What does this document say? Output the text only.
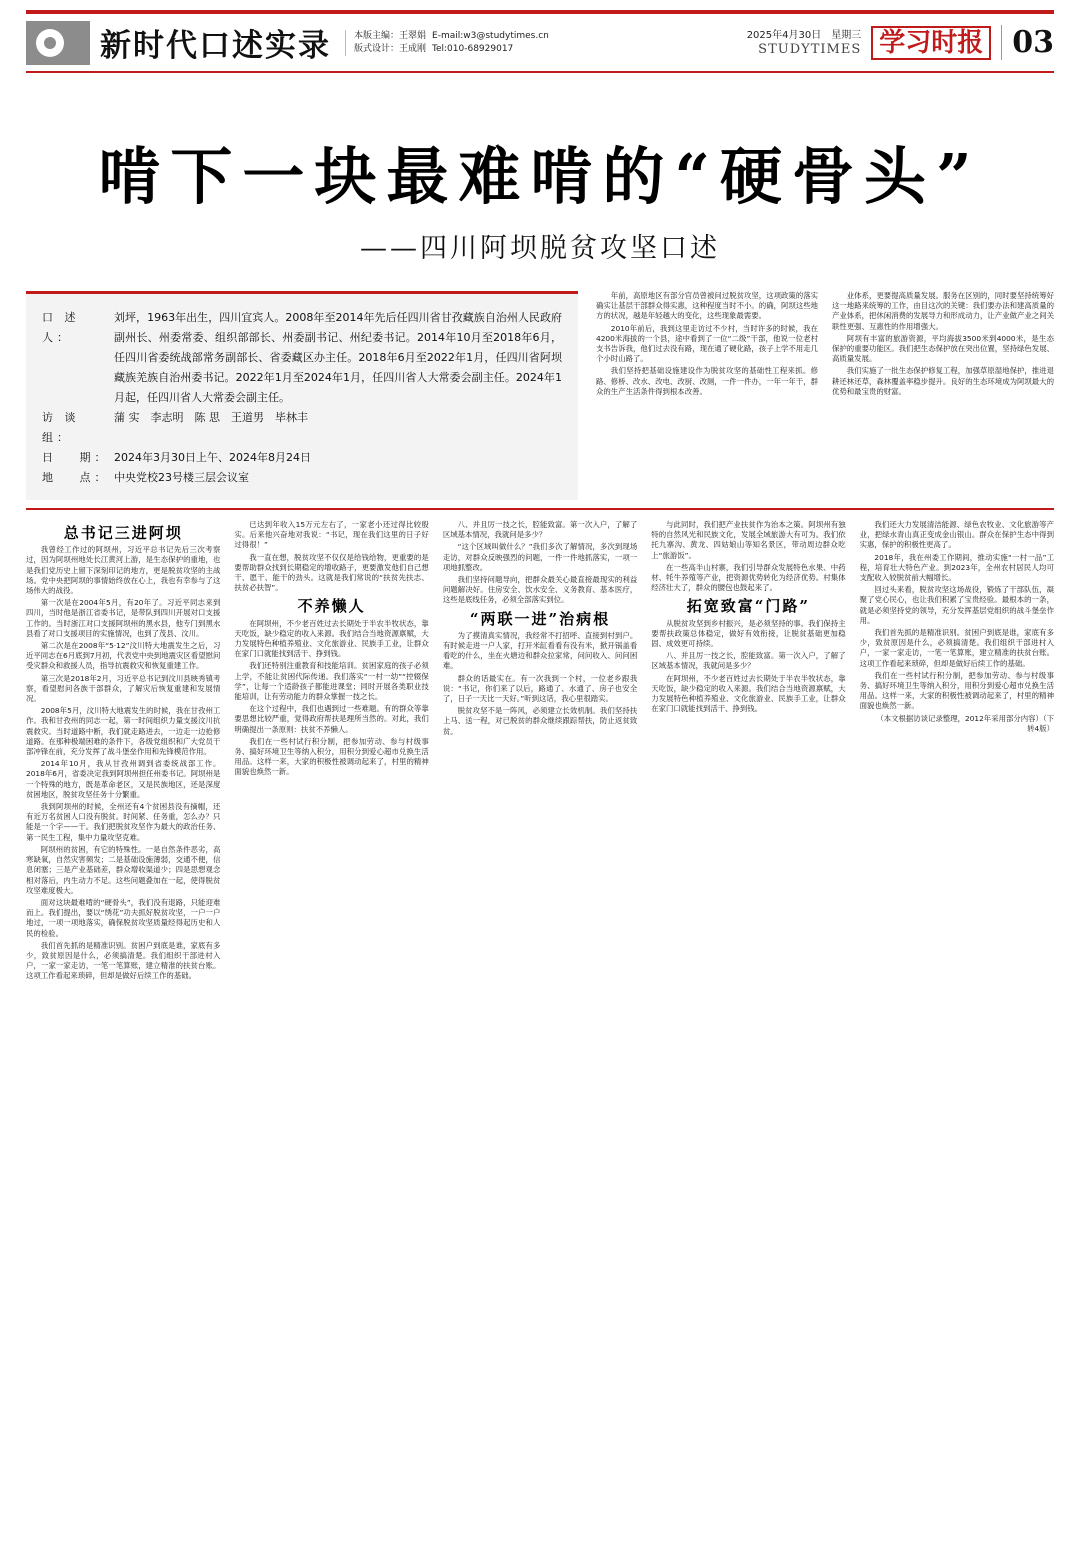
新时代口述实录	本版主编：王翠娟
版式设计：王成刚
E-mail:w3@studytimes.cn
Tel:010-68929017
2025年4月30日　星期三
STUDYTIMES 学习时报 03
啃下一块最难啃的“硬骨头”
——四川阿坝脱贫攻坚口述
口 述 人：
刘坪，1963年出生，四川宜宾人。2008年至2014年先后任四川省甘孜藏族自治州人民政府副州长、州委常委、组织部部长、州委副书记、州纪委书记。2014年10月至2018年6月，任四川省委统战部常务副部长、省委藏区办主任。2018年6月至2022年1月，任四川省阿坝藏族羌族自治州委书记。2022年1月至2024年1月，任四川省人大常委会副主任。2024年1月起，任四川省人大常委会副主任。
访 谈 组：
蒲 实　李志明　陈 思　王道男　毕林丰
日　 期： 2024年3月30日上午、2024年8月24日
地　 点： 中央党校23号楼三层会议室

年前，高原地区有部分官员曾被问过脱贫攻坚，这项政策的落实确实让基层干部群众得实惠，这种程度当时不小。的确，阿坝这些地方的状况，越是年轻越大的变化，这些现象最需要。

2010年前后，我到这里走访过不少村，当时许多的时候，我在4200米海拔的一个县，途中看到了一位“二级”干部，他说一位老村支书告诉我，他们过去没有路，现在通了硬化路，孩子上学不用走几个小时山路了。

我们坚持把基础设施建设作为脱贫攻坚的基础性工程来抓。修路、修桥、改水、改电、改厨、改厕，一件一件办，一年一年干，群众的生产生活条件得到根本改善。

业体系，更要提高质量发展。服务在区别的，同时要坚持统筹好这一地路来统筹的工作，由目这次的关键：我们要办法和建高质量的产业体系，把休闲消费的发展导力和形成动力，让产业做产业之间关联性更强、互惠性的作用增强大。

阿坝有丰富的旅游资源，平均海拔3500米到4000米，是生态保护的重要功能区。我们把生态保护放在突出位置，坚持绿色发展、高质量发展。

我们实施了一批生态保护修复工程，加强草原湿地保护，推进退耕还林还草，森林覆盖率稳步提升。良好的生态环境成为阿坝最大的优势和最宝贵的财富。

总书记三进阿坝

我曾经工作过的阿坝州，习近平总书记先后三次考察过，因为阿坝州地处长江黄河上游，是生态保护的重地，也是我们党历史上留下深刻印记的地方，更是脱贫攻坚的主战场。党中央把阿坝的事情始终放在心上，我也有幸参与了这场伟大的战役。

第一次是在2004年5月，有20年了。习近平同志来到四川，当时他是浙江省委书记，是带队到四川开展对口支援工作的。当时浙江对口支援阿坝州的黑水县，他专门到黑水县看了对口支援项目的实施情况，也到了茂县、汶川。

第二次是在2008年“5·12”汶川特大地震发生之后，习近平同志在6月底到7月初，代表党中央到地震灾区看望慰问受灾群众和救援人员，指导抗震救灾和恢复重建工作。

第三次是2018年2月，习近平总书记到汶川县映秀镇考察，看望慰问各族干部群众，了解灾后恢复重建和发展情况。

2008年5月，汶川特大地震发生的时候，我在甘孜州工作。我和甘孜州的同志一起，第一时间组织力量支援汶川抗震救灾。当时道路中断，我们就走路进去，一边走一边抢修道路。在那种极端困难的条件下，各级党组织和广大党员干部冲锋在前，充分发挥了战斗堡垒作用和先锋模范作用。

2014年10月，我从甘孜州调到省委统战部工作。2018年6月，省委决定我到阿坝州担任州委书记。阿坝州是一个特殊的地方，既是革命老区，又是民族地区，还是深度贫困地区，脱贫攻坚任务十分繁重。

我到阿坝州的时候，全州还有4个贫困县没有摘帽，还有近万名贫困人口没有脱贫。时间紧、任务重，怎么办？只能是一个字——干。我们把脱贫攻坚作为最大的政治任务、第一民生工程，集中力量攻坚克难。

阿坝州的贫困，有它的特殊性。一是自然条件恶劣，高寒缺氧，自然灾害频发；二是基础设施薄弱，交通不便，信息闭塞；三是产业基础差，群众增收渠道少；四是思想观念相对落后，内生动力不足。这些问题叠加在一起，使得脱贫攻坚难度极大。

面对这块最难啃的“硬骨头”，我们没有退路，只能迎难而上。我们提出，要以“绣花”功夫抓好脱贫攻坚，一户一户地过，一项一项地落实，确保脱贫攻坚质量经得起历史和人民的检验。

我们首先抓的是精准识别。贫困户到底是谁，家底有多少，致贫原因是什么，必须搞清楚。我们组织干部进村入户，一家一家走访，一笔一笔算账，建立精准的扶贫台账。这项工作看起来琐碎，但却是做好后续工作的基础。

已达到年收入15万元左右了，一家老小还过得比较殷实。后来他兴奋地对我说：“书记，现在我们这里的日子好过得很！”

我一直在想，脱贫攻坚不仅仅是给钱给物，更重要的是要帮助群众找到长期稳定的增收路子，更要激发他们自己想干、愿干、能干的劲头。这就是我们常说的“扶贫先扶志、扶贫必扶智”。

不养懒人

在阿坝州，不少老百姓过去长期处于半农半牧状态，靠天吃饭，缺少稳定的收入来源。我们结合当地资源禀赋，大力发展特色种植养殖业、文化旅游业、民族手工业，让群众在家门口就能找到活干、挣到钱。

我们还特别注重教育和技能培训。贫困家庭的孩子必须上学，不能让贫困代际传递。我们落实“一村一幼”“控辍保学”，让每一个适龄孩子都能进课堂；同时开展各类职业技能培训，让有劳动能力的群众掌握一技之长。

在这个过程中，我们也遇到过一些难题。有的群众等靠要思想比较严重，觉得政府帮扶是理所当然的。对此，我们明确提出一条原则：扶贫不养懒人。

我们在一些村试行积分制，把参加劳动、参与村级事务、搞好环境卫生等纳入积分，用积分到爱心超市兑换生活用品。这样一来，大家的积极性被调动起来了，村里的精神面貌也焕然一新。

八、并且厉一技之长，腔能致富。第一次入户，了解了区域基本情况，我就问是多少？

“这个区域叫做什么？”我们多次了解情况，多次到现场走访，对群众反映强烈的问题，一件一件地抓落实，一项一项地抓整改。

我们坚持问题导向，把群众最关心最直接最现实的利益问题解决好。住房安全、饮水安全、义务教育、基本医疗，这些是底线任务，必须全部落实到位。

“两联一进”治病根

为了摸清真实情况，我经常不打招呼、直接到村到户。有时候走进一户人家，打开米缸看看有没有米，掀开锅盖看看吃的什么，坐在火塘边和群众拉家常，问问收入、问问困难。

群众的话最实在。有一次我到一个村，一位老乡跟我说：“书记，你们来了以后，路通了、水通了、房子也安全了，日子一天比一天好。”听到这话，我心里很踏实。

脱贫攻坚不是一阵风，必须建立长效机制。我们坚持扶上马、送一程，对已脱贫的群众继续跟踪帮扶，防止返贫致贫。

与此同时，我们把产业扶贫作为治本之策。阿坝州有独特的自然风光和民族文化，发展全域旅游大有可为。我们依托九寨沟、黄龙、四姑娘山等知名景区，带动周边群众吃上“旅游饭”。

在一些高半山村寨，我们引导群众发展特色水果、中药材、牦牛养殖等产业，把资源优势转化为经济优势。村集体经济壮大了，群众的腰包也鼓起来了。

拓宽致富“门路”

从脱贫攻坚到乡村振兴，是必须坚持的事。我们保持主要帮扶政策总体稳定，做好有效衔接，让脱贫基础更加稳固、成效更可持续。

八、并且厉一技之长，腔能致富。第一次入户，了解了区域基本情况，我就问是多少？

在阿坝州，不少老百姓过去长期处于半农半牧状态，靠天吃饭，缺少稳定的收入来源。我们结合当地资源禀赋，大力发展特色种植养殖业、文化旅游业、民族手工业，让群众在家门口就能找到活干、挣到钱。

我们还大力发展清洁能源、绿色农牧业、文化旅游等产业，把绿水青山真正变成金山银山。群众在保护生态中得到实惠，保护的积极性更高了。

2018年，我在州委工作期间，推动实施“一村一品”工程，培育壮大特色产业。到2023年，全州农村居民人均可支配收入较脱贫前大幅增长。

回过头来看，脱贫攻坚这场战役，锻炼了干部队伍，凝聚了党心民心，也让我们积累了宝贵经验。最根本的一条，就是必须坚持党的领导，充分发挥基层党组织的战斗堡垒作用。

我们首先抓的是精准识别。贫困户到底是谁，家底有多少，致贫原因是什么，必须搞清楚。我们组织干部进村入户，一家一家走访，一笔一笔算账，建立精准的扶贫台账。这项工作看起来琐碎，但却是做好后续工作的基础。

我们在一些村试行积分制，把参加劳动、参与村级事务、搞好环境卫生等纳入积分，用积分到爱心超市兑换生活用品。这样一来，大家的积极性被调动起来了，村里的精神面貌也焕然一新。

（本文根据访谈记录整理，2012年采用部分内容）（下转4版）
